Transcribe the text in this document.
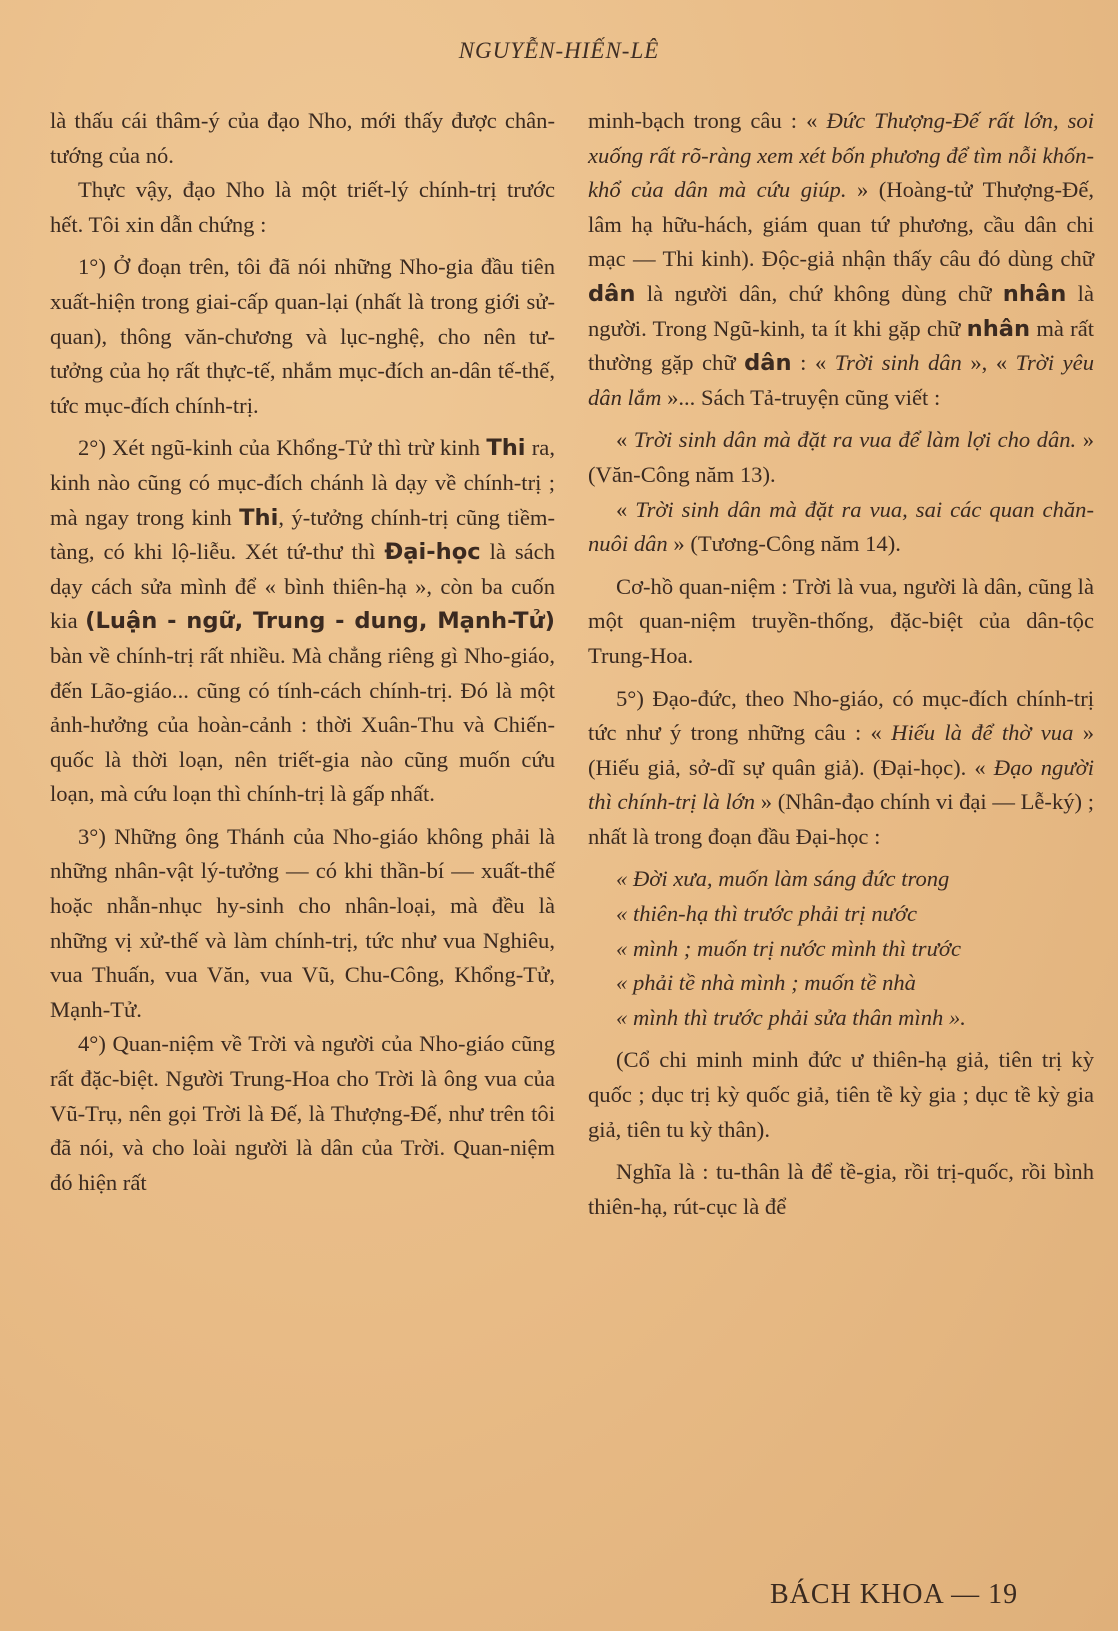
NGUYỄN-HIẾN-LÊ

là thấu cái thâm-ý của đạo Nho, mới thấy được chân-tướng của nó.

Thực vậy, đạo Nho là một triết-lý chính-trị trước hết. Tôi xin dẫn chứng :

1°) Ở đoạn trên, tôi đã nói những Nho-gia đầu tiên xuất-hiện trong giai-cấp quan-lại (nhất là trong giới sử-quan), thông văn-chương và lục-nghệ, cho nên tư-tưởng của họ rất thực-tế, nhắm mục-đích an-dân tế-thế, tức mục-đích chính-trị.

2°) Xét ngũ-kinh của Khổng-Tử thì trừ kinh Thi ra, kinh nào cũng có mục-đích chánh là dạy về chính-trị ; mà ngay trong kinh Thi, ý-tưởng chính-trị cũng tiềm-tàng, có khi lộ-liễu. Xét tứ-thư thì Đại-học là sách dạy cách sửa mình để « bình thiên-hạ », còn ba cuốn kia (Luận - ngữ, Trung - dung, Mạnh-Tử) bàn về chính-trị rất nhiều. Mà chẳng riêng gì Nho-giáo, đến Lão-giáo... cũng có tính-cách chính-trị. Đó là một ảnh-hưởng của hoàn-cảnh : thời Xuân-Thu và Chiến-quốc là thời loạn, nên triết-gia nào cũng muốn cứu loạn, mà cứu loạn thì chính-trị là gấp nhất.

3°) Những ông Thánh của Nho-giáo không phải là những nhân-vật lý-tưởng — có khi thần-bí — xuất-thế hoặc nhẫn-nhục hy-sinh cho nhân-loại, mà đều là những vị xử-thế và làm chính-trị, tức như vua Nghiêu, vua Thuấn, vua Văn, vua Vũ, Chu-Công, Khổng-Tử, Mạnh-Tử.

4°) Quan-niệm về Trời và người của Nho-giáo cũng rất đặc-biệt. Người Trung-Hoa cho Trời là ông vua của Vũ-Trụ, nên gọi Trời là Đế, là Thượng-Đế, như trên tôi đã nói, và cho loài người là dân của Trời. Quan-niệm đó hiện rất

minh-bạch trong câu : « Đức Thượng-Đế rất lớn, soi xuống rất rõ-ràng xem xét bốn phương để tìm nỗi khốn-khổ của dân mà cứu giúp. » (Hoàng-tử Thượng-Đế, lâm hạ hữu-hách, giám quan tứ phương, cầu dân chi mạc — Thi kinh). Độc-giả nhận thấy câu đó dùng chữ dân là người dân, chứ không dùng chữ nhân là người. Trong Ngũ-kinh, ta ít khi gặp chữ nhân mà rất thường gặp chữ dân : « Trời sinh dân », « Trời yêu dân lắm »... Sách Tả-truyện cũng viết :

« Trời sinh dân mà đặt ra vua để làm lợi cho dân. » (Văn-Công năm 13).

« Trời sinh dân mà đặt ra vua, sai các quan chăn-nuôi dân » (Tương-Công năm 14).

Cơ-hồ quan-niệm : Trời là vua, người là dân, cũng là một quan-niệm truyền-thống, đặc-biệt của dân-tộc Trung-Hoa.

5°) Đạo-đức, theo Nho-giáo, có mục-đích chính-trị tức như ý trong những câu : « Hiếu là để thờ vua » (Hiếu giả, sở-dĩ sự quân giả). (Đại-học). « Đạo người thì chính-trị là lớn » (Nhân-đạo chính vi đại — Lễ-ký) ; nhất là trong đoạn đầu Đại-học :

« Đời xưa, muốn làm sáng đức trong

« thiên-hạ thì trước phải trị nước

« mình ; muốn trị nước mình thì trước

« phải tề nhà mình ; muốn tề nhà

« mình thì trước phải sửa thân mình ».

(Cổ chi minh minh đức ư thiên-hạ giả, tiên trị kỳ quốc ; dục trị kỳ quốc giả, tiên tề kỳ gia ; dục tề kỳ gia giả, tiên tu kỳ thân).

Nghĩa là : tu-thân là để tề-gia, rồi trị-quốc, rồi bình thiên-hạ, rút-cục là để

BÁCH KHOA — 19
